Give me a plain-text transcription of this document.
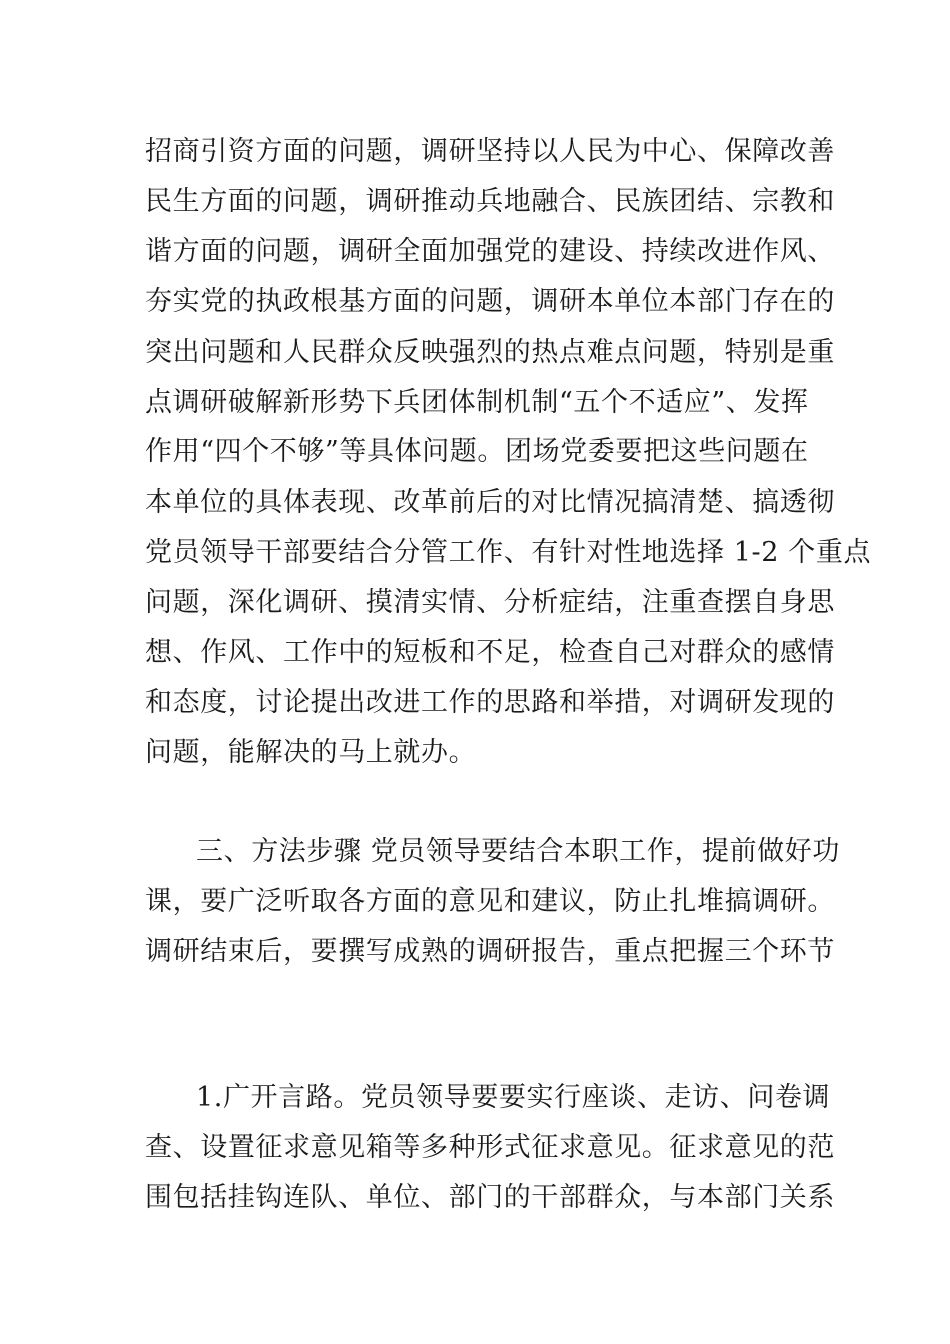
招商引资方面的问题，调研坚持以人民为中心、保障改善
民生方面的问题，调研推动兵地融合、民族团结、宗教和
谐方面的问题，调研全面加强党的建设、持续改进作风、
夯实党的执政根基方面的问题，调研本单位本部门存在的
突出问题和人民群众反映强烈的热点难点问题，特别是重
点调研破解新形势下兵团体制机制“五个不适应”、发挥
作用“四个不够”等具体问题。团场党委要把这些问题在
本单位的具体表现、改革前后的对比情况搞清楚、搞透彻
党员领导干部要结合分管工作、有针对性地选择 1-2 个重点
问题，深化调研、摸清实情、分析症结，注重查摆自身思
想、作风、工作中的短板和不足，检查自己对群众的感情
和态度，讨论提出改进工作的思路和举措，对调研发现的
问题，能解决的马上就办。
三、方法步骤 党员领导要结合本职工作，提前做好功
课，要广泛听取各方面的意见和建议，防止扎堆搞调研。
调研结束后，要撰写成熟的调研报告，重点把握三个环节
1.广开言路。党员领导要要实行座谈、走访、问卷调
查、设置征求意见箱等多种形式征求意见。征求意见的范
围包括挂钩连队、单位、部门的干部群众，与本部门关系
